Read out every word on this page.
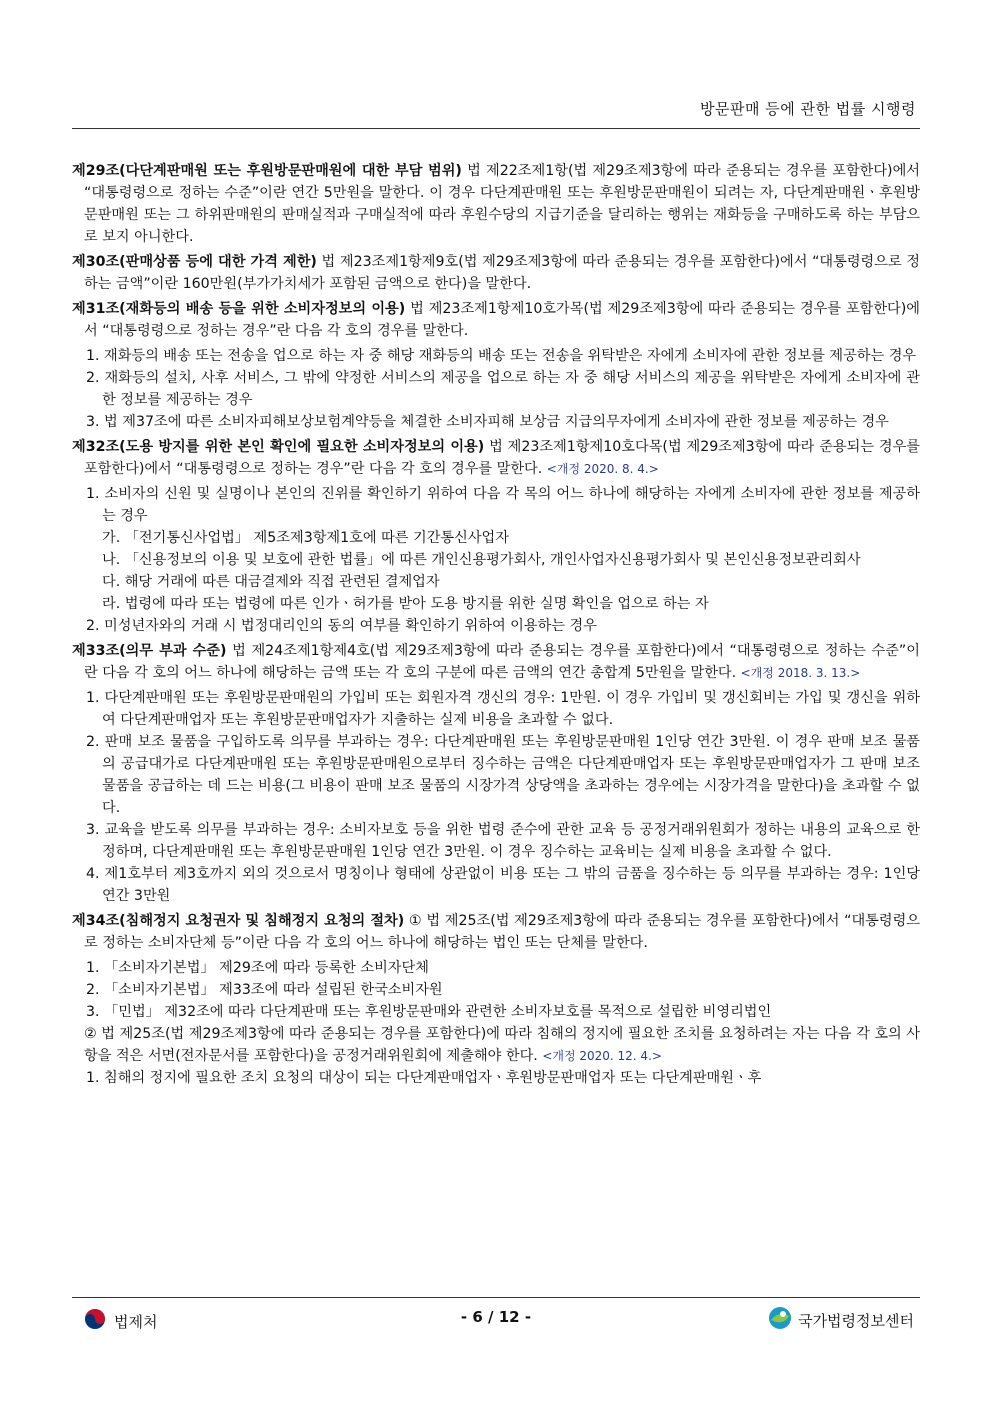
방문판매 등에 관한 법률 시행령
제29조(다단계판매원 또는 후원방문판매원에 대한 부담 범위) 법 제22조제1항(법 제29조제3항에 따라 준용되는 경우를 포함한다)에서 “대통령령으로 정하는 수준”이란 연간 5만원을 말한다. 이 경우 다단계판매원 또는 후원방문판매원이 되려는 자, 다단계판매원ㆍ후원방문판매원 또는 그 하위판매원의 판매실적과 구매실적에 따라 후원수당의 지급기준을 달리하는 행위는 재화등을 구매하도록 하는 부담으로 보지 아니한다.
제30조(판매상품 등에 대한 가격 제한) 법 제23조제1항제9호(법 제29조제3항에 따라 준용되는 경우를 포함한다)에서 “대통령령으로 정하는 금액”이란 160만원(부가가치세가 포함된 금액으로 한다)을 말한다.
제31조(재화등의 배송 등을 위한 소비자정보의 이용) 법 제23조제1항제10호가목(법 제29조제3항에 따라 준용되는 경우를 포함한다)에서 “대통령령으로 정하는 경우”란 다음 각 호의 경우를 말한다.
1. 재화등의 배송 또는 전송을 업으로 하는 자 중 해당 재화등의 배송 또는 전송을 위탁받은 자에게 소비자에 관한 정보를 제공하는 경우
2. 재화등의 설치, 사후 서비스, 그 밖에 약정한 서비스의 제공을 업으로 하는 자 중 해당 서비스의 제공을 위탁받은 자에게 소비자에 관한 정보를 제공하는 경우
3. 법 제37조에 따른 소비자피해보상보험계약등을 체결한 소비자피해 보상금 지급의무자에게 소비자에 관한 정보를 제공하는 경우
제32조(도용 방지를 위한 본인 확인에 필요한 소비자정보의 이용) 법 제23조제1항제10호다목(법 제29조제3항에 따라 준용되는 경우를 포함한다)에서 “대통령령으로 정하는 경우”란 다음 각 호의 경우를 말한다. <개정 2020. 8. 4.>
1. 소비자의 신원 및 실명이나 본인의 진위를 확인하기 위하여 다음 각 목의 어느 하나에 해당하는 자에게 소비자에 관한 정보를 제공하는 경우
가. 「전기통신사업법」 제5조제3항제1호에 따른 기간통신사업자
나. 「신용정보의 이용 및 보호에 관한 법률」에 따른 개인신용평가회사, 개인사업자신용평가회사 및 본인신용정보관리회사
다. 해당 거래에 따른 대금결제와 직접 관련된 결제업자
라. 법령에 따라 또는 법령에 따른 인가ㆍ허가를 받아 도용 방지를 위한 실명 확인을 업으로 하는 자
2. 미성년자와의 거래 시 법정대리인의 동의 여부를 확인하기 위하여 이용하는 경우
제33조(의무 부과 수준) 법 제24조제1항제4호(법 제29조제3항에 따라 준용되는 경우를 포함한다)에서 “대통령령으로 정하는 수준”이란 다음 각 호의 어느 하나에 해당하는 금액 또는 각 호의 구분에 따른 금액의 연간 총합계 5만원을 말한다. <개정 2018. 3. 13.>
1. 다단계판매원 또는 후원방문판매원의 가입비 또는 회원자격 갱신의 경우: 1만원. 이 경우 가입비 및 갱신회비는 가입 및 갱신을 위하여 다단계판매업자 또는 후원방문판매업자가 지출하는 실제 비용을 초과할 수 없다.
2. 판매 보조 물품을 구입하도록 의무를 부과하는 경우: 다단계판매원 또는 후원방문판매원 1인당 연간 3만원. 이 경우 판매 보조 물품의 공급대가로 다단계판매원 또는 후원방문판매원으로부터 징수하는 금액은 다단계판매업자 또는 후원방문판매업자가 그 판매 보조 물품을 공급하는 데 드는 비용(그 비용이 판매 보조 물품의 시장가격 상당액을 초과하는 경우에는 시장가격을 말한다)을 초과할 수 없다.
3. 교육을 받도록 의무를 부과하는 경우: 소비자보호 등을 위한 법령 준수에 관한 교육 등 공정거래위원회가 정하는 내용의 교육으로 한정하며, 다단계판매원 또는 후원방문판매원 1인당 연간 3만원. 이 경우 징수하는 교육비는 실제 비용을 초과할 수 없다.
4. 제1호부터 제3호까지 외의 것으로서 명칭이나 형태에 상관없이 비용 또는 그 밖의 금품을 징수하는 등 의무를 부과하는 경우: 1인당 연간 3만원
제34조(침해정지 요청권자 및 침해정지 요청의 절차) ① 법 제25조(법 제29조제3항에 따라 준용되는 경우를 포함한다)에서 “대통령령으로 정하는 소비자단체 등”이란 다음 각 호의 어느 하나에 해당하는 법인 또는 단체를 말한다.
1. 「소비자기본법」 제29조에 따라 등록한 소비자단체
2. 「소비자기본법」 제33조에 따라 설립된 한국소비자원
3. 「민법」 제32조에 따라 다단계판매 또는 후원방문판매와 관련한 소비자보호를 목적으로 설립한 비영리법인
② 법 제25조(법 제29조제3항에 따라 준용되는 경우를 포함한다)에 따라 침해의 정지에 필요한 조치를 요청하려는 자는 다음 각 호의 사항을 적은 서면(전자문서를 포함한다)을 공정거래위원회에 제출해야 한다. <개정 2020. 12. 4.>
1. 침해의 정지에 필요한 조치 요청의 대상이 되는 다단계판매업자ㆍ후원방문판매업자 또는 다단계판매원ㆍ후
법제처	- 6 / 12 -	국가법령정보센터
